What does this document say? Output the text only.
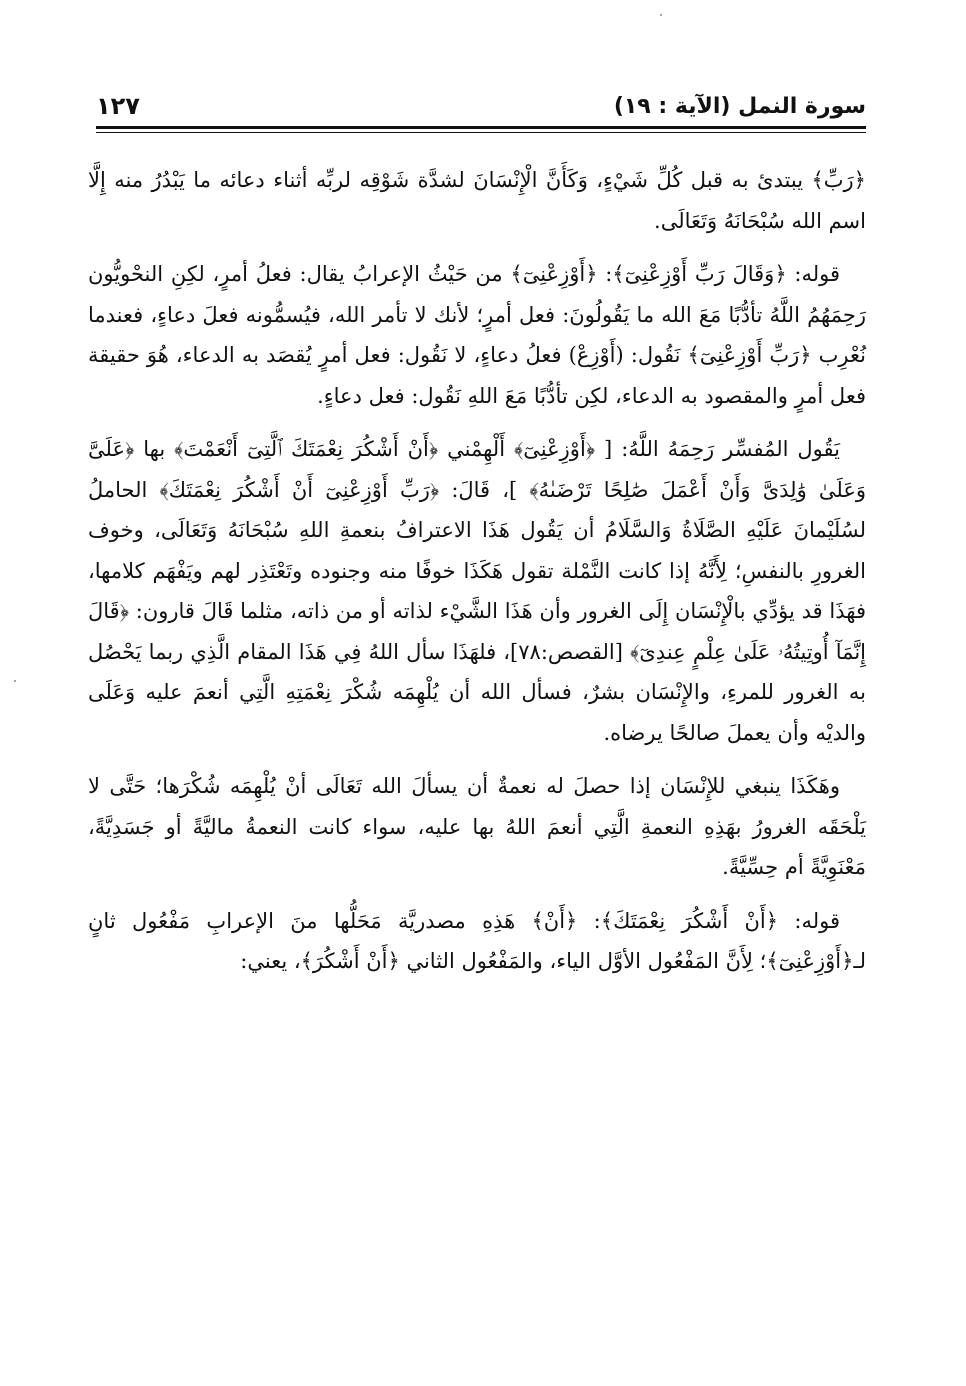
سورة النمل (الآية : ١٩)
١٢٧

﴿رَبِّ﴾ يبتدئ به قبل كُلِّ شَيْءٍ، وَكَأَنَّ الْإِنْسَانَ لشدَّة شَوْقِه لربِّه أثناء دعائه ما يَبْدُرُ منه إِلَّا اسم الله سُبْحَانَهُ وَتَعَالَى.

قوله: ﴿وَقَالَ رَبِّ أَوْزِعْنِىٓ﴾: ﴿أَوْزِعْنِىٓ﴾ من حَيْثُ الإعرابُ يقال: فعلُ أمرٍ، لكِنِ النحْويُّون رَحِمَهُمُ اللَّهُ تأدُّبًا مَعَ الله ما يَقُولُونَ: فعل أمرٍ؛ لأنك لا تأمر الله، فيُسمُّونه فعلَ دعاءٍ، فعندما نُعْرِب ﴿رَبِّ أَوْزِعْنِىٓ﴾ نَقُول: (أَوْزِعْ) فعلُ دعاءٍ، لا نَقُول: فعل أمرٍ يُقصَد به الدعاء، هُوَ حقيقة فعل أمرٍ والمقصود به الدعاء، لكِن تأدُّبًا مَعَ اللهِ نَقُول: فعل دعاءٍ.

يَقُول المُفسِّر رَحِمَهُ اللَّهُ: [ ﴿أَوْزِعْنِىٓ﴾ أَلْهِمْني ﴿أَنْ أَشْكُرَ نِعْمَتَكَ ٱلَّتِىٓ أَنْعَمْتَ﴾ بها ﴿عَلَىَّ وَعَلَىٰ وَٰلِدَىَّ وَأَنْ أَعْمَلَ صَٰلِحًا تَرْضَىٰهُ﴾ ]، قَالَ: ﴿رَبِّ أَوْزِعْنِىٓ أَنْ أَشْكُرَ نِعْمَتَكَ﴾ الحاملُ لسُلَيْمانَ عَلَيْهِ الصَّلَاةُ وَالسَّلَامُ أن يَقُول هَذَا الاعترافُ بنعمةِ اللهِ سُبْحَانَهُ وَتَعَالَى، وخوف الغرورِ بالنفسِ؛ لِأَنَّهُ إذا كانت النَّمْلة تقول هَكَذَا خوفًا منه وجنوده وتَعْتَذِر لهم ويَفْهَم كلامها، فهَذَا قد يؤدِّي بالْإِنْسَان إِلَى الغرور وأن هَذَا الشَّيْء لذاته أو من ذاته، مثلما قَالَ قارون: ﴿قَالَ إِنَّمَآ أُوتِيتُهُۥ عَلَىٰ عِلْمٍ عِندِىٓ﴾ [القصص:٧٨]، فلهَذَا سأل اللهُ فِي هَذَا المقام الَّذِي ربما يَحْصُل به الغرور للمرءِ، والإِنْسَان بشرٌ، فسأل الله أن يُلْهِمَه شُكْرَ نِعْمَتِهِ الَّتِي أنعمَ عليه وَعَلَى والديْه وأن يعملَ صالحًا يرضاه.

وهَكَذَا ينبغي للإِنْسَان إذا حصلَ له نعمةٌ أن يسألَ الله تَعَالَى أنْ يُلْهِمَه شُكْرَها؛ حَتَّى لا يَلْحَقَه الغرورُ بهَذِهِ النعمةِ الَّتِي أنعمَ اللهُ بها عليه، سواء كانت النعمةُ ماليَّةً أو جَسَدِيَّةً، مَعْنَوِيَّةً أم حِسِّيَّةً.

قوله: ﴿أَنْ أَشْكُرَ نِعْمَتَكَ﴾: ﴿أَنْ﴾ هَذِهِ مصدريَّة مَحَلُّها منَ الإعرابِ مَفْعُول ثانٍ لـ﴿أَوْزِعْنِىٓ﴾؛ لِأَنَّ المَفْعُول الأوَّل الياء، والمَفْعُول الثاني ﴿أَنْ أَشْكُرَ﴾، يعني:
